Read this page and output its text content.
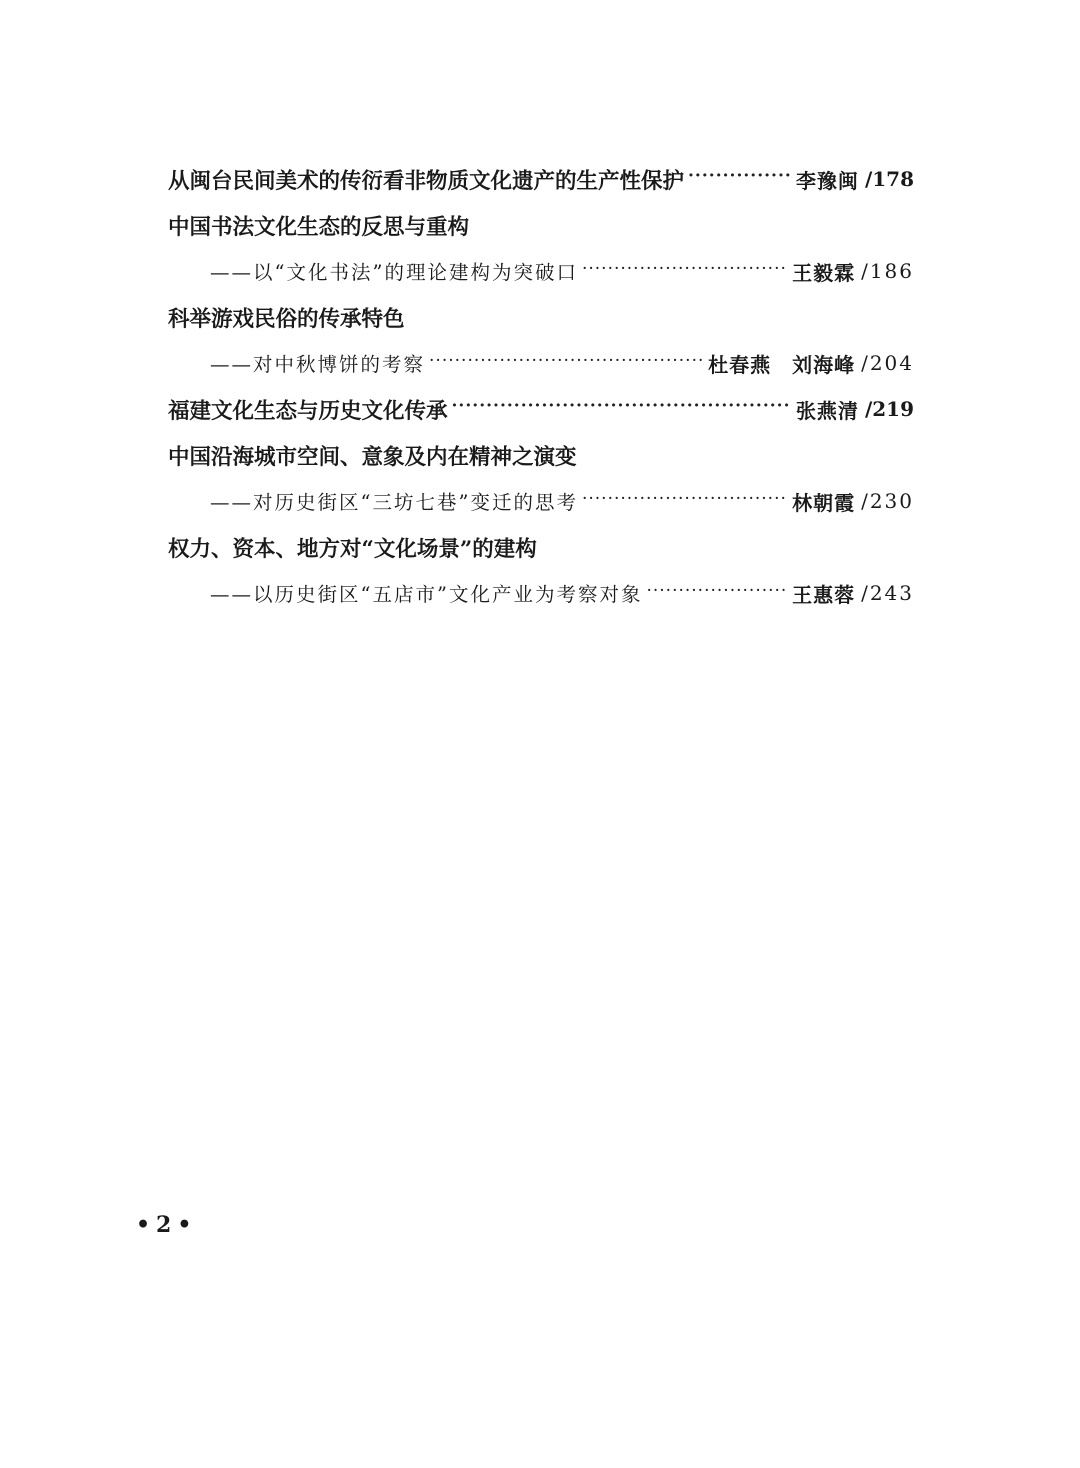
从闽台民间美术的传衍看非物质文化遗产的生产性保护 ·····	李豫闽 /178
中国书法文化生态的反思与重构
——以“文化书法”的理论建构为突破口 ·····	王毅霖 /186
科举游戏民俗的传承特色
——对中秋博饼的考察 ·····	杜春燕　刘海峰 /204
福建文化生态与历史文化传承 ·····	张燕清 /219
中国沿海城市空间、意象及内在精神之演变
——对历史街区“三坊七巷”变迁的思考 ·····	林朝霞 /230
权力、资本、地方对“文化场景”的建构
——以历史街区“五店市”文化产业为考察对象 ·····	王惠蓉 /243
•2•
